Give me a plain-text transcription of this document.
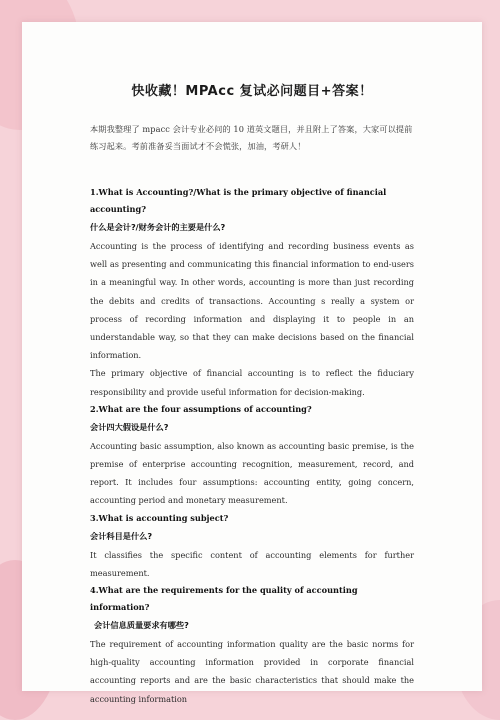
快收藏！MPAcc 复试必问题目+答案！

本期我整理了 mpacc 会计专业必问的 10 道英文题目，并且附上了答案，大家可以提前练习起来。考前准备妥当面试才不会慌张，加油，考研人！

1.What is Accounting?/What is the primary objective of financial accounting?

什么是会计?/财务会计的主要是什么?

Accounting is the process of identifying and recording business events as well as presenting and communicating this financial information to end-users in a meaningful way. In other words, accounting is more than just recording the debits and credits of transactions. Accounting s really a system or process of recording information and displaying it to people in an understandable way, so that they can make decisions based on the financial information.

The primary objective of financial accounting is to reflect the fiduciary responsibility and provide useful information for decision-making.

2.What are the four assumptions of accounting?

会计四大假设是什么?

Accounting basic assumption, also known as accounting basic premise, is the premise of enterprise accounting recognition, measurement, record, and report. It includes four assumptions: accounting entity, going concern, accounting period and monetary measurement.

3.What is accounting subject?

会计科目是什么?

It classifies the specific content of accounting elements for further measurement.

4.What are the requirements for the quality of accounting information?

会计信息质量要求有哪些?

The requirement of accounting information quality are the basic norms for high-quality accounting information provided in corporate financial accounting reports and are the basic characteristics that should make the accounting information
